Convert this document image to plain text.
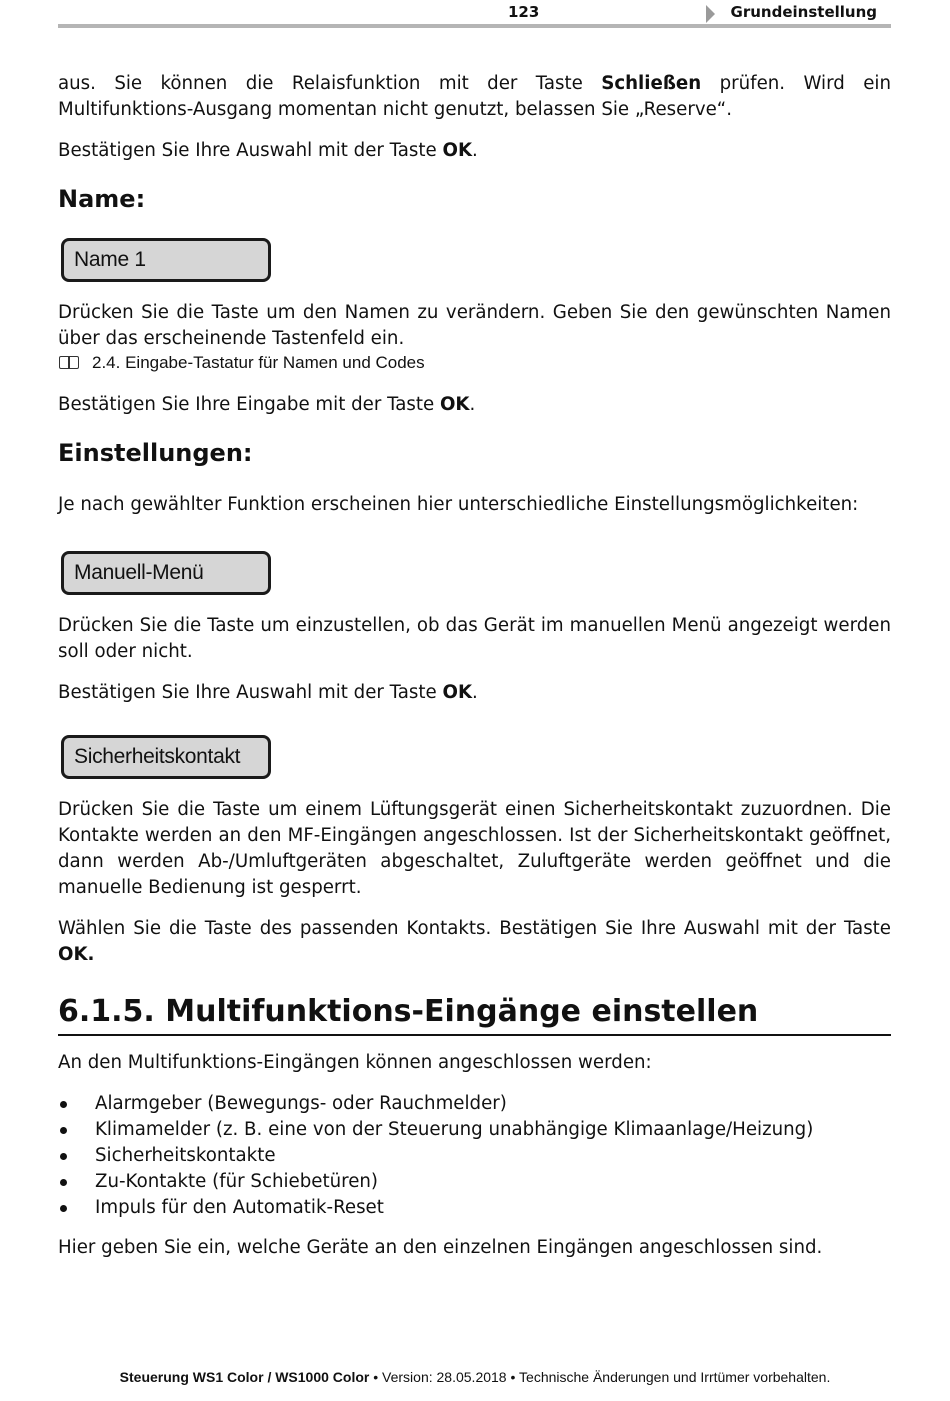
123	Grundeinstellung

aus. Sie können die Relaisfunktion mit der Taste Schließen prüfen. Wird ein Multifunktions-Ausgang momentan nicht genutzt, belassen Sie „Reserve“.

Bestätigen Sie Ihre Auswahl mit der Taste OK.

Name:
Name 1

Drücken Sie die Taste um den Namen zu verändern. Geben Sie den gewünschten Namen über das erscheinende Tastenfeld ein.

2.4. Eingabe-Tastatur für Namen und Codes

Bestätigen Sie Ihre Eingabe mit der Taste OK.

Einstellungen:

Je nach gewählter Funktion erscheinen hier unterschiedliche Einstellungsmöglichkeiten:

Manuell-Menü

Drücken Sie die Taste um einzustellen, ob das Gerät im manuellen Menü angezeigt werden soll oder nicht.

Bestätigen Sie Ihre Auswahl mit der Taste OK.

Sicherheitskontakt

Drücken Sie die Taste um einem Lüftungsgerät einen Sicherheitskontakt zuzuordnen. Die Kontakte werden an den MF-Eingängen angeschlossen. Ist der Sicherheitskontakt geöffnet, dann werden Ab-/Umluftgeräten abgeschaltet, Zuluftgeräte werden geöffnet und die manuelle Bedienung ist gesperrt.

Wählen Sie die Taste des passenden Kontakts. Bestätigen Sie Ihre Auswahl mit der Taste OK.

6.1.5. Multifunktions-Eingänge einstellen

An den Multifunktions-Eingängen können angeschlossen werden:

Alarmgeber (Bewegungs- oder Rauchmelder)
Klimamelder (z. B. eine von der Steuerung unabhängige Klimaanlage/Heizung)
Sicherheitskontakte
Zu-Kontakte (für Schiebetüren)
Impuls für den Automatik-Reset

Hier geben Sie ein, welche Geräte an den einzelnen Eingängen angeschlossen sind.

Steuerung WS1 Color / WS1000 Color • Version: 28.05.2018 • Technische Änderungen und Irrtümer vorbehalten.
